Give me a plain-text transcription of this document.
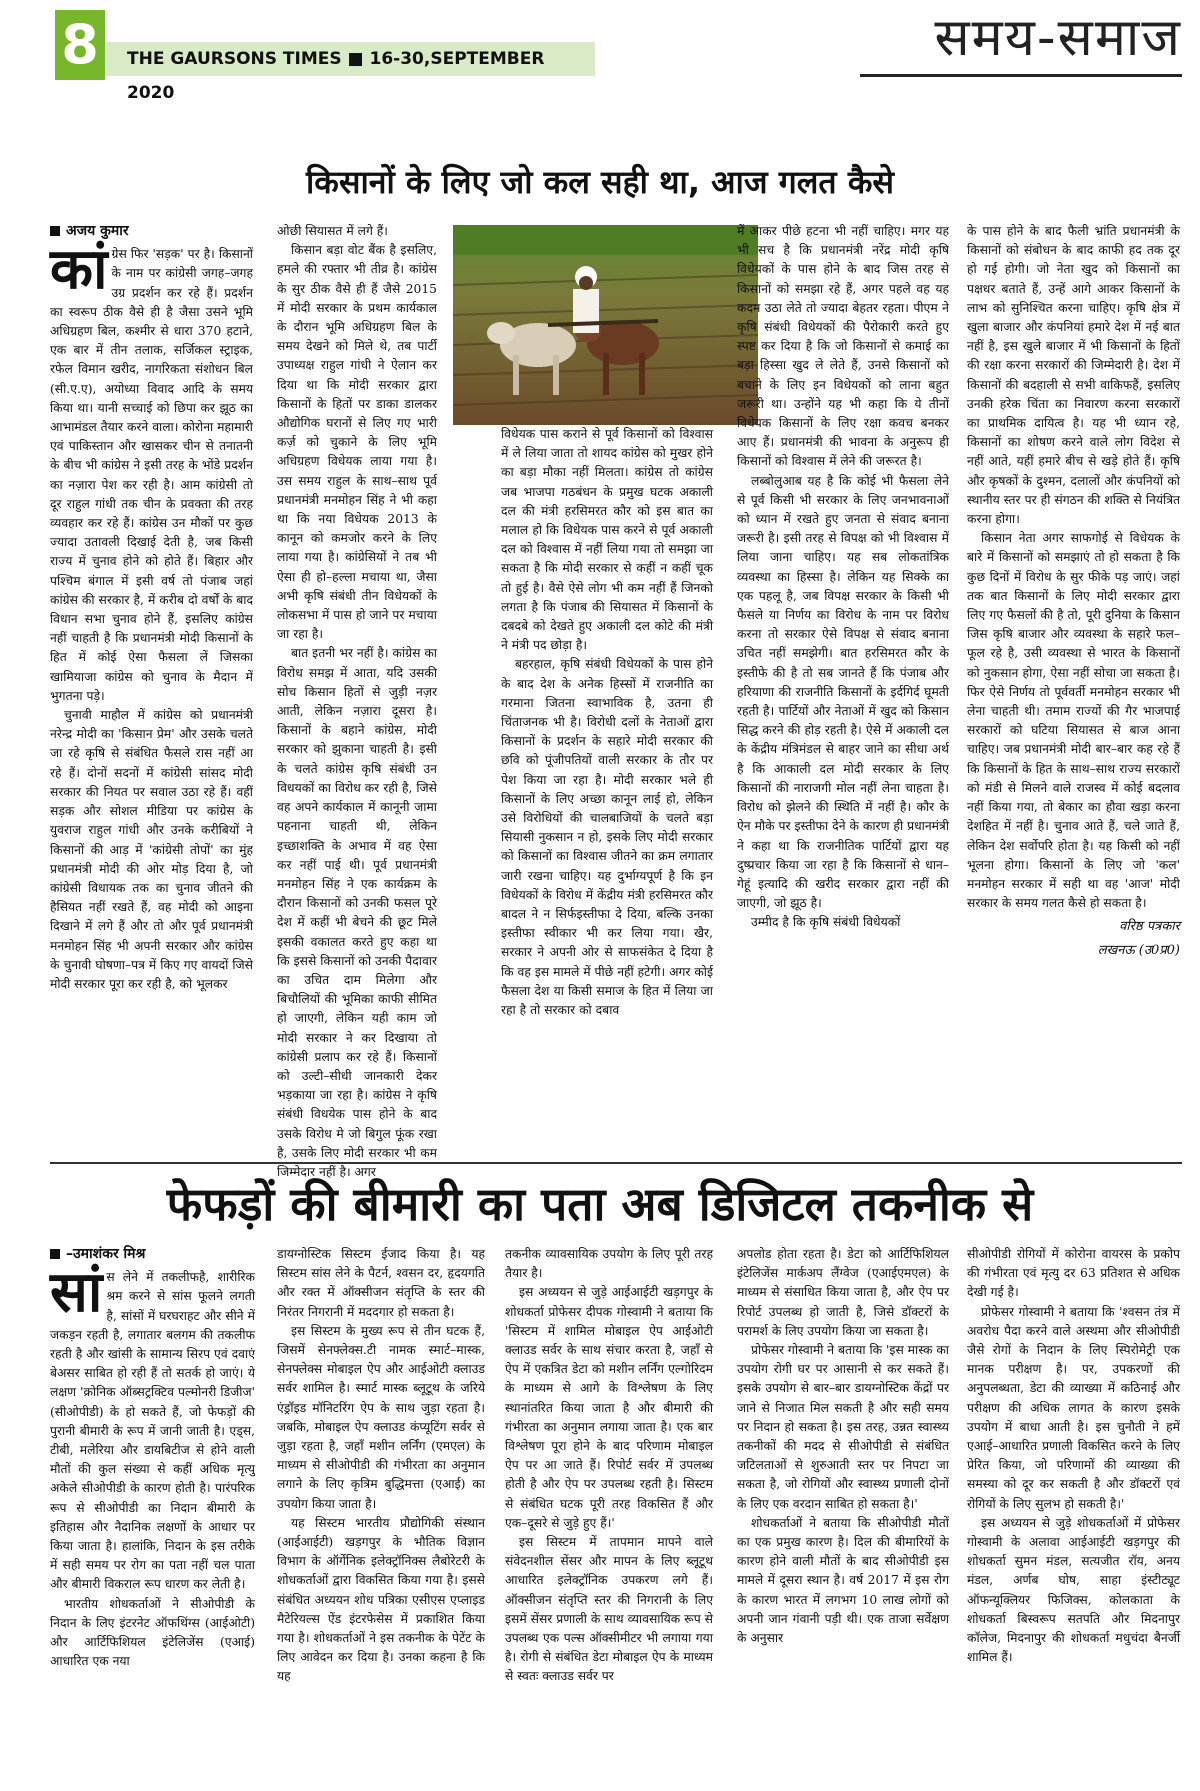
8	THE GAURSONS TIMES ■ 16-30,SEPTEMBER 2020
समय-समाज
किसानों के लिए जो कल सही था, आज गलत कैसे
अजय कुमार
कां ग्रेस फिर 'सड़क' पर है। किसानों के नाम पर कांग्रेसी जगह–जगह उग्र प्रदर्शन कर रहे हैं। प्रदर्शन का स्वरूप ठीक वैसे ही है जैसा उसने भूमि अधिग्रहण बिल, कश्मीर से धारा 370 हटाने, एक बार में तीन तलाक, सर्जिकल स्ट्राइक, रफेल विमान खरीद, नागरिकता संशोधन बिल (सी.ए.ए), अयोध्या विवाद आदि के समय किया था। यानी सच्चाई को छिपा कर झूठ का आभामंडल तैयार करने वाला। कोरोना महामारी एवं पाकिस्तान और खासकर चीन से तनातनी के बीच भी कांग्रेस ने इसी तरह के भोंडे प्रदर्शन का नज़ारा पेश कर रही है। आम कांग्रेसी तो दूर राहुल गांधी तक चीन के प्रवक्ता की तरह व्यवहार कर रहे हैं। कांग्रेस उन मौकों पर कुछ ज्यादा उतावली दिखाई देती है, जब किसी राज्य में चुनाव होने को होते हैं। बिहार और पश्चिम बंगाल में इसी वर्ष तो पंजाब जहां कांग्रेस की सरकार है, में करीब दो वर्षों के बाद विधान सभा चुनाव होने हैं, इसलिए कांग्रेस नहीं चाहती है कि प्रधानमंत्री मोदी किसानों के हित में कोई ऐसा फैसला लें जिसका खामियाजा कांग्रेस को चुनाव के मैदान में भुगतना पड़े।

चुनावी माहौल में कांग्रेस को प्रधानमंत्री नरेन्द्र मोदी का 'किसान प्रेम' और उसके चलते जा रहे कृषि से संबंधित फैसले रास नहीं आ रहे हैं। दोनों सदनों में कांग्रेसी सांसद मोदी सरकार की नियत पर सवाल उठा रहे हैं। वहीं सड़क और सोशल मीडिया पर कांग्रेस के युवराज राहुल गांधी और उनके करीबियों ने किसानों की आड़ में 'कांग्रेसी तोपों' का मुंह प्रधानमंत्री मोदी की ओर मोड़ दिया है, जो कांग्रेसी विधायक तक का चुनाव जीतने की हैसियत नहीं रखते हैं, वह मोदी को आइना दिखाने में लगे हैं और तो और पूर्व प्रधानमंत्री मनमोहन सिंह भी अपनी सरकार और कांग्रेस के चुनावी घोषणा–पत्र में किए गए वायदों जिसे मोदी सरकार पूरा कर रही है, को भूलकर

ओछी सियासत में लगे हैं।

किसान बड़ा वोट बैंक है इसलिए, हमले की रफ्तार भी तीव्र है। कांग्रेस के सुर ठीक वैसे ही हैं जैसे 2015 में मोदी सरकार के प्रथम कार्यकाल के दौरान भूमि अधिग्रहण बिल के समय देखने को मिले थे, तब पार्टी उपाध्यक्ष राहुल गांधी ने ऐलान कर दिया था कि मोदी सरकार द्वारा किसानों के हितों पर डाका डालकर औद्योगिक घरानों से लिए गए भारी कर्ज़ को चुकाने के लिए भूमि अधिग्रहण विधेयक लाया गया है। उस समय राहुल के साथ–साथ पूर्व प्रधानमंत्री मनमोहन सिंह ने भी कहा था कि नया विधेयक 2013 के कानून को कमजोर करने के लिए लाया गया है। कांग्रेसियों ने तब भी ऐसा ही हो–हल्ला मचाया था, जैसा अभी कृषि संबंधी तीन विधेयकों के लोकसभा में पास हो जाने पर मचाया जा रहा है।

बात इतनी भर नहीं है। कांग्रेस का विरोध समझ में आता, यदि उसकी सोच किसान हितों से जुड़ी नज़र आती, लेकिन नज़ारा दूसरा है। किसानों के बहाने कांग्रेस, मोदी सरकार को झुकाना चाहती है। इसी के चलते कांग्रेस कृषि संबंधी उन विधयकों का विरोध कर रही है, जिसे वह अपने कार्यकाल में कानूनी जामा पहनाना चाहती थी, लेकिन इच्छाशक्ति के अभाव में वह ऐसा कर नहीं पाई थी। पूर्व प्रधानमंत्री मनमोहन सिंह ने एक कार्यक्रम के दौरान किसानों को उनकी फसल पूरे देश में कहीं भी बेचने की छूट मिले इसकी वकालत करते हुए कहा था कि इससे किसानों को उनकी पैदावार का उचित दाम मिलेगा और बिचौलियों की भूमिका काफी सीमित हो जाएगी, लेकिन यही काम जो मोदी सरकार ने कर दिखाया तो कांग्रेसी प्रलाप कर रहे हैं। किसानों को उल्टी–सीधी जानकारी देकर भड़काया जा रहा है। कांग्रेस ने कृषि संबंधी विधयेक पास होने के बाद उसके विरोध मे जो बिगुल फूंक रखा है, उसके लिए मोदी सरकार भी कम जिम्मेदार नहीं है। अगर

विधेयक पास कराने से पूर्व किसानों को विश्वास में ले लिया जाता तो शायद कांग्रेस को मुखर होने का बड़ा मौका नहीं मिलता। कांग्रेस तो कांग्रेस जब भाजपा गठबंधन के प्रमुख घटक अकाली दल की मंत्री हरसिमरत कौर को इस बात का मलाल हो कि विधेयक पास करने से पूर्व अकाली दल को विश्वास में नहीं लिया गया तो समझा जा सकता है कि मोदी सरकार से कहीं न कहीं चूक तो हुई है। वैसे ऐसे लोग भी कम नहीं हैं जिनको लगता है कि पंजाब की सियासत में किसानों के दबदबे को देखते हुए अकाली दल कोटे की मंत्री ने मंत्री पद छोड़ा है।

बहरहाल, कृषि संबंधी विधेयकों के पास होने के बाद देश के अनेक हिस्सों में राजनीति का गरमाना जितना स्वाभाविक है, उतना ही चिंताजनक भी है। विरोधी दलों के नेताओं द्वारा किसानों के प्रदर्शन के सहारे मोदी सरकार की छवि को पूंजीपतियों वाली सरकार के तौर पर पेश किया जा रहा है। मोदी सरकार भले ही किसानों के लिए अच्छा कानून लाई हो, लेकिन उसे विरोधियों की चालबाजियों के चलते बड़ा सियासी नुकसान न हो, इसके लिए मोदी सरकार को किसानों का विश्वास जीतने का क्रम लगातार जारी रखना चाहिए। यह दुर्भाग्यपूर्ण है कि इन विधेयकों के विरोध में केंद्रीय मंत्री हरसिमरत कौर बादल ने न सिर्फइस्तीफा दे दिया, बल्कि उनका इस्तीफा स्वीकार भी कर लिया गया। खैर, सरकार ने अपनी ओर से साफसंकेत दे दिया है कि वह इस मामले में पीछे नहीं हटेगी। अगर कोई फैसला देश या किसी समाज के हित में लिया जा रहा है तो सरकार को दबाव

में आकर पीछे हटना भी नहीं चाहिए। मगर यह भी सच है कि प्रधानमंत्री नरेंद्र मोदी कृषि विधेयकों के पास होने के बाद जिस तरह से किसानों को समझा रहे हैं, अगर पहले वह यह कदम उठा लेते तो ज्यादा बेहतर रहता। पीएम ने कृषि संबंधी विधेयकों की पैरोकारी करते हुए स्पष्ट कर दिया है कि जो किसानों से कमाई का बड़ा हिस्सा खुद ले लेते हैं, उनसे किसानों को बचाने के लिए इन विधेयकों को लाना बहुत जरूरी था। उन्होंने यह भी कहा कि ये तीनों विधेयक किसानों के लिए रक्षा कवच बनकर आए हैं। प्रधानमंत्री की भावना के अनुरूप ही किसानों को विश्वास में लेने की जरूरत है।

लब्बोलुआब यह है कि कोई भी फैसला लेने से पूर्व किसी भी सरकार के लिए जनभावनाओं को ध्यान में रखते हुए जनता से संवाद बनाना जरूरी है। इसी तरह से विपक्ष को भी विश्वास में लिया जाना चाहिए। यह सब लोकतांत्रिक व्यवस्था का हिस्सा है। लेकिन यह सिक्के का एक पहलू है, जब विपक्ष सरकार के किसी भी फैसले या निर्णय का विरोध के नाम पर विरोध करना तो सरकार ऐसे विपक्ष से संवाद बनाना उचित नहीं समझेगी। बात हरसिमरत कौर के इस्तीफे की है तो सब जानते हैं कि पंजाब और हरियाणा की राजनीति किसानों के इर्दगिर्द घूमती रहती है। पार्टियों और नेताओं में खुद को किसान सिद्ध करने की होड़ रहती है। ऐसे में अकाली दल के केंद्रीय मंत्रिमंडल से बाहर जाने का सीधा अर्थ है कि आकाली दल मोदी सरकार के लिए किसानों की नाराजगी मोल नहीं लेना चाहता है। विरोध को झेलने की स्थिति में नहीं है। कौर के ऐन मौके पर इस्तीफा देने के कारण ही प्रधानमंत्री ने कहा था कि राजनीतिक पार्टियों द्वारा यह दुष्प्रचार किया जा रहा है कि किसानों से धान–गेहूं इत्यादि की खरीद सरकार द्वारा नहीं की जाएगी, जो झूठ है।

उम्मीद है कि कृषि संबंधी विधेयकों

के पास होने के बाद फैली भ्रांति प्रधानमंत्री के किसानों को संबोधन के बाद काफी हद तक दूर हो गई होगी। जो नेता खुद को किसानों का पक्षधर बताते हैं, उन्हें आगे आकर किसानों के लाभ को सुनिश्चित करना चाहिए। कृषि क्षेत्र में खुला बाजार और कंपनियां हमारे देश में नई बात नहीं है, इस खुले बाजार में भी किसानों के हितों की रक्षा करना सरकारों की जिम्मेदारी है। देश में किसानों की बदहाली से सभी वाकिफहैं, इसलिए उनकी हरेक चिंता का निवारण करना सरकारों का प्राथमिक दायित्व है। यह भी ध्यान रहे, किसानों का शोषण करने वाले लोग विदेश से नहीं आते, यहीं हमारे बीच से खड़े होते हैं। कृषि और कृषकों के दुश्मन, दलालों और कंपनियों को स्थानीय स्तर पर ही संगठन की शक्ति से नियंत्रित करना होगा।

किसान नेता अगर साफगोई से विधेयक के बारे में किसानों को समझाएं तो हो सकता है कि कुछ दिनों में विरोध के सुर फीके पड़ जाएं। जहां तक बात किसानों के लिए मोदी सरकार द्वारा लिए गए फैसलों की है तो, पूरी दुनिया के किसान जिस कृषि बाजार और व्यवस्था के सहारे फल–फूल रहे है, उसी व्यवस्था से भारत के किसानों को नुकसान होगा, ऐसा नहीं सोचा जा सकता है। फिर ऐसे निर्णय तो पूर्ववर्ती मनमोहन सरकार भी लेना चाहती थी। तमाम राज्यों की गैर भाजपाई सरकारों को घटिया सियासत से बाज आना चाहिए। जब प्रधानमंत्री मोदी बार–बार कह रहे हैं कि किसानों के हित के साथ–साथ राज्य सरकारों को मंडी से मिलने वाले राजस्व में कोई बदलाव नहीं किया गया, तो बेकार का हौवा खड़ा करना देशहित में नहीं है। चुनाव आते हैं, चले जाते हैं, लेकिन देश सर्वोपरि होता है। यह किसी को नहीं भूलना होगा। किसानों के लिए जो 'कल' मनमोहन सरकार में सही था वह 'आज' मोदी सरकार के समय गलत कैसे हो सकता है।

वरिष्ठ पत्रकार
लखनऊ (उ0प्र0)
फेफड़ों की बीमारी का पता अब डिजिटल तकनीक से
–उमाशंकर मिश्र
सां स लेने में तकलीफहै, शारीरिक श्रम करने से सांस फूलने लगती है, सांसों में घरघराहट और सीने में जकड़न रहती है, लगातार बलगम की तकलीफ रहती है और खांसी के सामान्य सिरप एवं दवाएं बेअसर साबित हो रही हैं तो सतर्क हो जाएं। ये लक्षण 'क्रोनिक ऑब्सट्रक्टिव पल्मोनरी डिजीज' (सीओपीडी) के हो सकते हैं, जो फेफड़ों की पुरानी बीमारी के रूप में जानी जाती है। एड्स, टीबी, मलेरिया और डायबिटीज से होने वाली मौतों की कुल संख्या से कहीं अधिक मृत्यु अकेले सीओपीडी के कारण होती है। पारंपरिक रूप से सीओपीडी का निदान बीमारी के इतिहास और नैदानिक लक्षणों के आधार पर किया जाता है। हालांकि, निदान के इस तरीके में सही समय पर रोग का पता नहीं चल पाता और बीमारी विकराल रूप धारण कर लेती है।

भारतीय शोधकर्ताओं ने सीओपीडी के निदान के लिए इंटरनेट ऑफथिंग्स (आईओटी) और आर्टिफिशियल इंटेलिजेंस (एआई) आधारित एक नया

डायग्नोस्टिक सिस्टम ईजाद किया है। यह सिस्टम सांस लेने के पैटर्न, श्वसन दर, हृदयगति और रक्त में ऑक्सीजन संतृप्ति के स्तर की निरंतर निगरानी में मददगार हो सकता है।

इस सिस्टम के मुख्य रूप से तीन घटक हैं, जिसमें सेनफ्लेक्स.टी नामक स्मार्ट–मास्क, सेनफ्लेक्स मोबाइल ऐप और आईओटी क्लाउड सर्वर शामिल है। स्मार्ट मास्क ब्लूटूथ के जरिये एंड्रॉइड मॉनिटरिंग ऐप के साथ जुड़ा रहता है। जबकि, मोबाइल ऐप क्लाउड कंप्यूटिंग सर्वर से जुड़ा रहता है, जहाँ मशीन लर्निंग (एमएल) के माध्यम से सीओपीडी की गंभीरता का अनुमान लगाने के लिए कृत्रिम बुद्धिमत्ता (एआई) का उपयोग किया जाता है।

यह सिस्टम भारतीय प्रौद्योगिकी संस्थान (आईआईटी) खड़गपुर के भौतिक विज्ञान विभाग के ऑर्गेनिक इलेक्ट्रॉनिक्स लैबोरेटरी के शोधकर्ताओं द्वारा विकसित किया गया है। इससे संबंधित अध्ययन शोध पत्रिका एसीएस एप्लाइड मैटेरियल्स ऐंड इंटरफेसेस में प्रकाशित किया गया है। शोधकर्ताओं ने इस तकनीक के पेटेंट के लिए आवेदन कर दिया है। उनका कहना है कि यह

तकनीक व्यावसायिक उपयोग के लिए पूरी तरह तैयार है।

इस अध्ययन से जुड़े आईआईटी खड़गपुर के शोधकर्ता प्रोफेसर दीपक गोस्वामी ने बताया कि 'सिस्टम में शामिल मोबाइल ऐप आईओटी क्लाउड सर्वर के साथ संचार करता है, जहाँ से ऐप में एकत्रित डेटा को मशीन लर्निंग एल्गोरिदम के माध्यम से आगे के विश्लेषण के लिए स्थानांतरित किया जाता है और बीमारी की गंभीरता का अनुमान लगाया जाता है। एक बार विश्लेषण पूरा होने के बाद परिणाम मोबाइल ऐप पर आ जाते हैं। रिपोर्ट सर्वर में उपलब्ध होती है और ऐप पर उपलब्ध रहती है। सिस्टम से संबंधित घटक पूरी तरह विकसित हैं और एक–दूसरे से जुड़े हुए हैं।'

इस सिस्टम में तापमान मापने वाले संवेदनशील सेंसर और मापन के लिए ब्लूटूथ आधारित इलेक्ट्रॉनिक उपकरण लगे हैं। ऑक्सीजन संतृप्ति स्तर की निगरानी के लिए इसमें सेंसर प्रणाली के साथ व्यावसायिक रूप से उपलब्ध एक पल्स ऑक्सीमीटर भी लगाया गया है। रोगी से संबंधित डेटा मोबाइल ऐप के माध्यम से स्वतः क्लाउड सर्वर पर

अपलोड होता रहता है। डेटा को आर्टिफिशियल इंटेलिजेंस मार्कअप लैंग्वेज (एआईएमएल) के माध्यम से संसाधित किया जाता है, और ऐप पर रिपोर्ट उपलब्ध हो जाती है, जिसे डॉक्टरों के परामर्श के लिए उपयोग किया जा सकता है।

प्रोफेसर गोस्वामी ने बताया कि 'इस मास्क का उपयोग रोगी घर पर आसानी से कर सकते हैं। इसके उपयोग से बार–बार डायग्नोस्टिक केंद्रों पर जाने से निजात मिल सकती है और सही समय पर निदान हो सकता है। इस तरह, उन्नत स्वास्थ्य तकनीकों की मदद से सीओपीडी से संबंधित जटिलताओं से शुरुआती स्तर पर निपटा जा सकता है, जो रोगियों और स्वास्थ्य प्रणाली दोनों के लिए एक वरदान साबित हो सकता है।'

शोधकर्ताओं ने बताया कि सीओपीडी मौतों का एक प्रमुख कारण है। दिल की बीमारियों के कारण होने वाली मौतों के बाद सीओपीडी इस मामले में दूसरा स्थान है। वर्ष 2017 में इस रोग के कारण भारत में लगभग 10 लाख लोगों को अपनी जान गंवानी पड़ी थी। एक ताजा सर्वेक्षण के अनुसार

सीओपीडी रोगियों में कोरोना वायरस के प्रकोप की गंभीरता एवं मृत्यु दर 63 प्रतिशत से अधिक देखी गई है।

प्रोफेसर गोस्वामी ने बताया कि 'श्वसन तंत्र में अवरोध पैदा करने वाले अस्थमा और सीओपीडी जैसे रोगों के निदान के लिए स्पिरोमेट्री एक मानक परीक्षण है। पर, उपकरणों की अनुपलब्धता, डेटा की व्याख्या में कठिनाई और परीक्षण की अधिक लागत के कारण इसके उपयोग में बाधा आती है। इस चुनौती ने हमें एआई–आधारित प्रणाली विकसित करने के लिए प्रेरित किया, जो परिणामों की व्याख्या की समस्या को दूर कर सकती है और डॉक्टरों एवं रोगियों के लिए सुलभ हो सकती है।'

इस अध्ययन से जुड़े शोधकर्ताओं में प्रोफेसर गोस्वामी के अलावा आईआईटी खड़गपुर की शोधकर्ता सुमन मंडल, सत्यजीत रॉय, अनय मंडल, अर्णब घोष, साहा इंस्टीट्यूट ऑफन्यूक्लियर फिजिक्स, कोलकाता के शोधकर्ता बिस्वरूप सतपति और मिदनापुर कॉलेज, मिदनापुर की शोधकर्ता मधुचंदा बैनर्जी शामिल हैं।
